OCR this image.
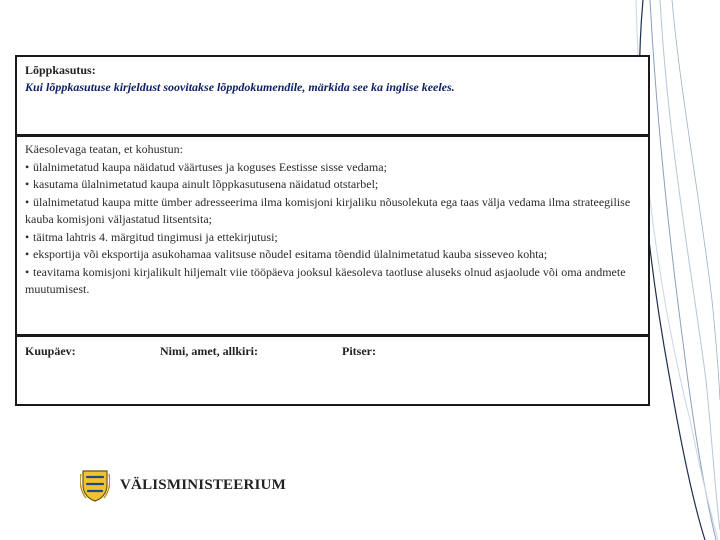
Lõppkasutus:
Kui lõppkasutuse kirjeldust soovitakse lõppdokumendile, märkida see ka inglise keeles.

Käesolevaga teatan, et kohustun:

• ülalnimetatud kaupa näidatud väärtuses ja koguses Eestisse sisse vedama;

• kasutama ülalnimetatud kaupa ainult lõppkasutusena näidatud otstarbel;

• ülalnimetatud kaupa mitte ümber adresseerima ilma komisjoni kirjaliku nõusolekuta ega taas välja vedama ilma strateegilise kauba komisjoni väljastatud litsentsita;

• täitma lahtris 4. märgitud tingimusi ja ettekirjutusi;

• eksportija või eksportija asukohamaa valitsuse nõudel esitama tõendid ülalnimetatud kauba sisseveo kohta;

• teavitama komisjoni kirjalikult hiljemalt viie tööpäeva jooksul käesoleva taotluse aluseks olnud asjaolude või oma andmete muutumisest.

Kuupäev:	Nimi, amet, allkiri:	Pitser:
VÄLISMINISTEERIUM
